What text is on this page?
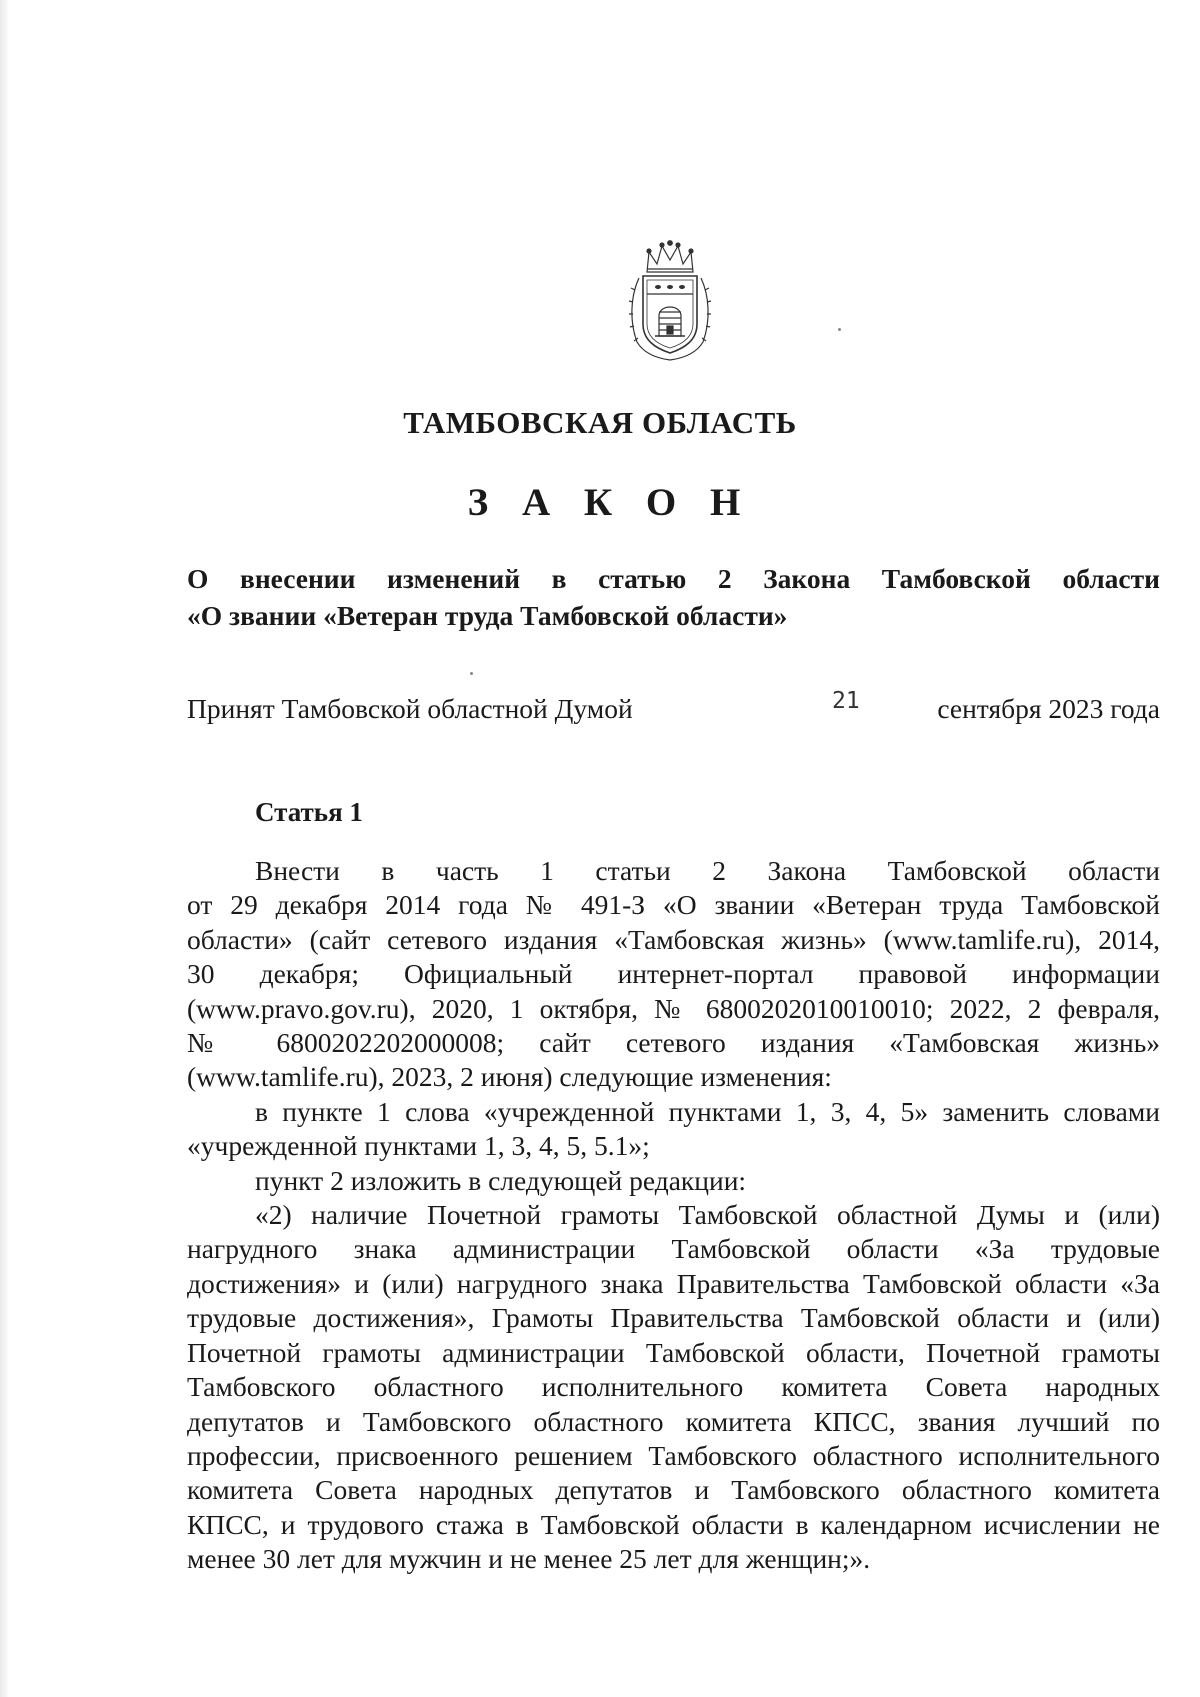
ТАМБОВСКАЯ ОБЛАСТЬ
З А К О Н
О внесении изменений в статью 2 Закона Тамбовской области
«О звании «Ветеран труда Тамбовской области»
Принят Тамбовской областной Думой	21	сентября 2023 года
Статья 1

Внести в часть 1 статьи 2 Закона Тамбовской области

от 29 декабря 2014 года № 491-З «О звании «Ветеран труда Тамбовской

области» (сайт сетевого издания «Тамбовская жизнь» (www.tamlife.ru), 2014,

30 декабря; Официальный интернет-портал правовой информации

(www.pravo.gov.ru), 2020, 1 октября, № 6800202010010010; 2022, 2 февраля,

№ 6800202202000008; сайт сетевого издания «Тамбовская жизнь»

(www.tamlife.ru), 2023, 2 июня) следующие изменения:

в пункте 1 слова «учрежденной пунктами 1, 3, 4, 5» заменить словами

«учрежденной пунктами 1, 3, 4, 5, 5.1»;

пункт 2 изложить в следующей редакции:

«2) наличие Почетной грамоты Тамбовской областной Думы и (или)

нагрудного знака администрации Тамбовской области «За трудовые

достижения» и (или) нагрудного знака Правительства Тамбовской области «За

трудовые достижения», Грамоты Правительства Тамбовской области и (или)

Почетной грамоты администрации Тамбовской области, Почетной грамоты

Тамбовского областного исполнительного комитета Совета народных

депутатов и Тамбовского областного комитета КПСС, звания лучший по

профессии, присвоенного решением Тамбовского областного исполнительного

комитета Совета народных депутатов и Тамбовского областного комитета

КПСС, и трудового стажа в Тамбовской области в календарном исчислении не

менее 30 лет для мужчин и не менее 25 лет для женщин;».
